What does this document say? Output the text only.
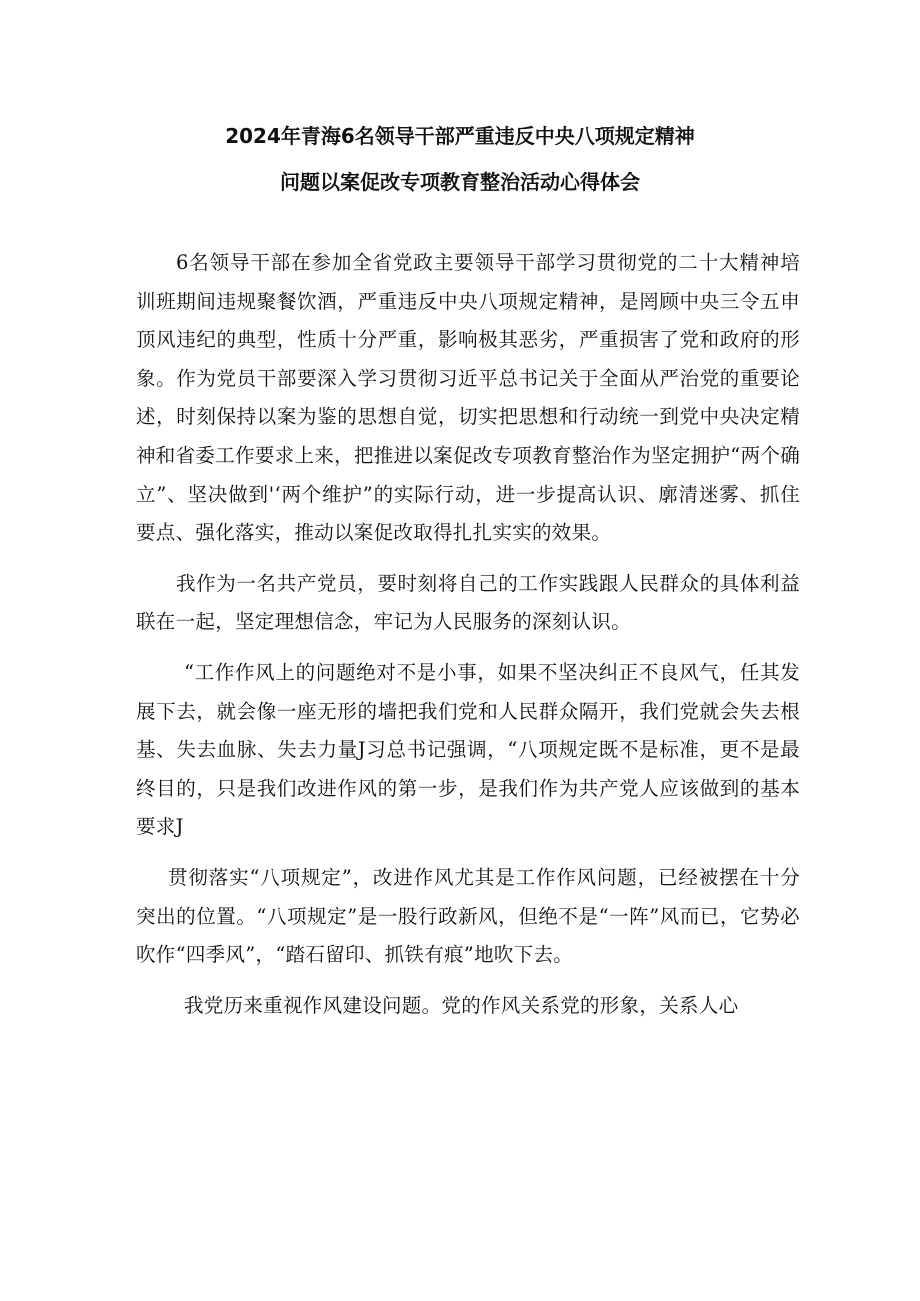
2024年青海6名领导干部严重违反中央八项规定精神
问题以案促改专项教育整治活动心得体会

6名领导干部在参加全省党政主要领导干部学习贯彻党的二十大精神培训班期间违规聚餐饮酒，严重违反中央八项规定精神，是罔顾中央三令五申顶风违纪的典型，性质十分严重，影响极其恶劣，严重损害了党和政府的形象。作为党员干部要深入学习贯彻习近平总书记关于全面从严治党的重要论述，时刻保持以案为鉴的思想自觉，切实把思想和行动统一到党中央决定精神和省委工作要求上来，把推进以案促改专项教育整治作为坚定拥护“两个确立”、坚决做到'‘两个维护”的实际行动，进一步提高认识、廓清迷雾、抓住要点、强化落实，推动以案促改取得扎扎实实的效果。

我作为一名共产党员，要时刻将自己的工作实践跟人民群众的具体利益联在一起，坚定理想信念，牢记为人民服务的深刻认识。

“工作作风上的问题绝对不是小事，如果不坚决纠正不良风气，任其发展下去，就会像一座无形的墙把我们党和人民群众隔开，我们党就会失去根基、失去血脉、失去力量J习总书记强调，“八项规定既不是标准，更不是最终目的，只是我们改进作风的第一步，是我们作为共产党人应该做到的基本要求J

贯彻落实“八项规定”，改进作风尤其是工作作风问题，已经被摆在十分突出的位置。“八项规定”是一股行政新风，但绝不是“一阵”风而已，它势必吹作“四季风”，“踏石留印、抓铁有痕”地吹下去。

我党历来重视作风建设问题。党的作风关系党的形象，关系人心
